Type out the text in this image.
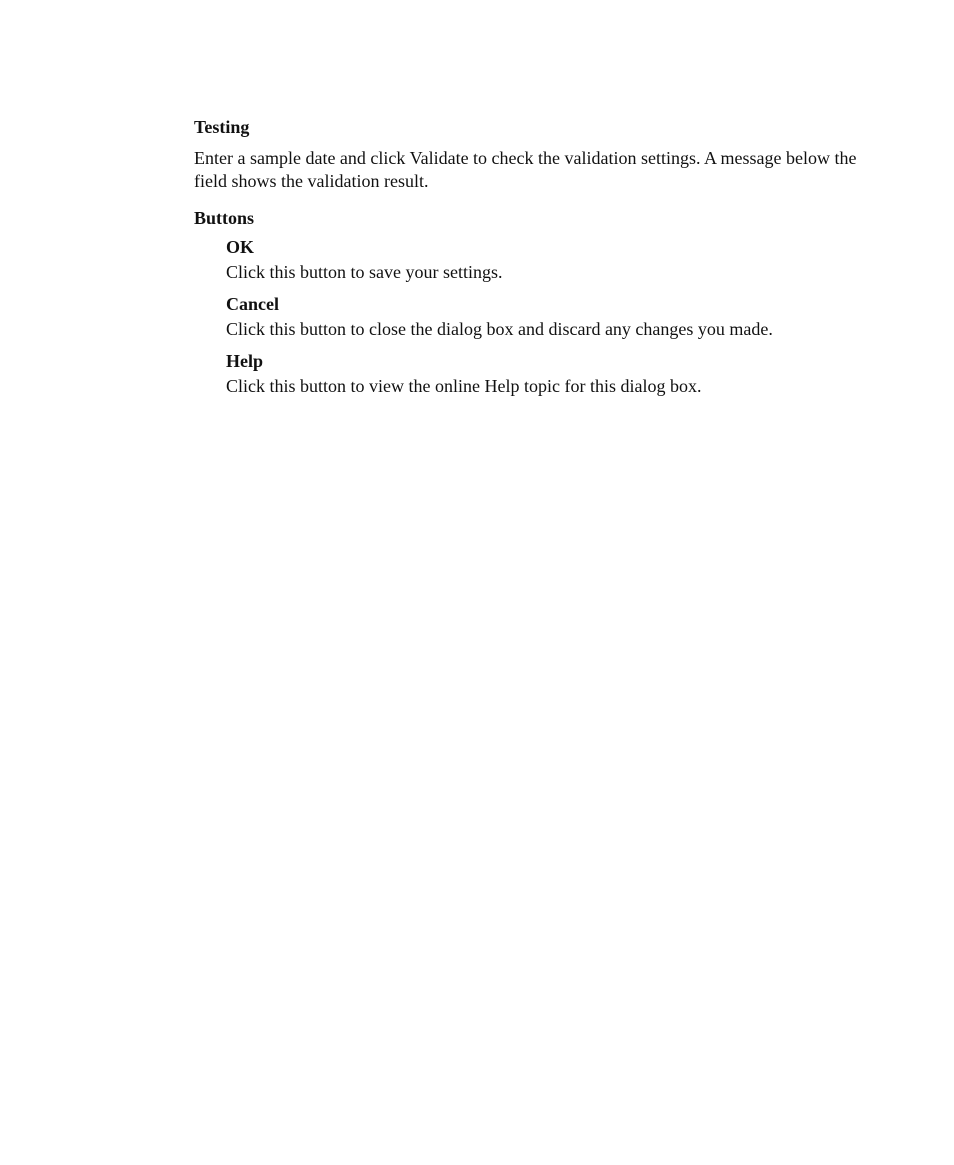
Testing

Enter a sample date and click Validate to check the validation settings. A message below the field shows the validation result.

Buttons
OK
Click this button to save your settings.
Cancel
Click this button to close the dialog box and discard any changes you made.
Help
Click this button to view the online Help topic for this dialog box.
